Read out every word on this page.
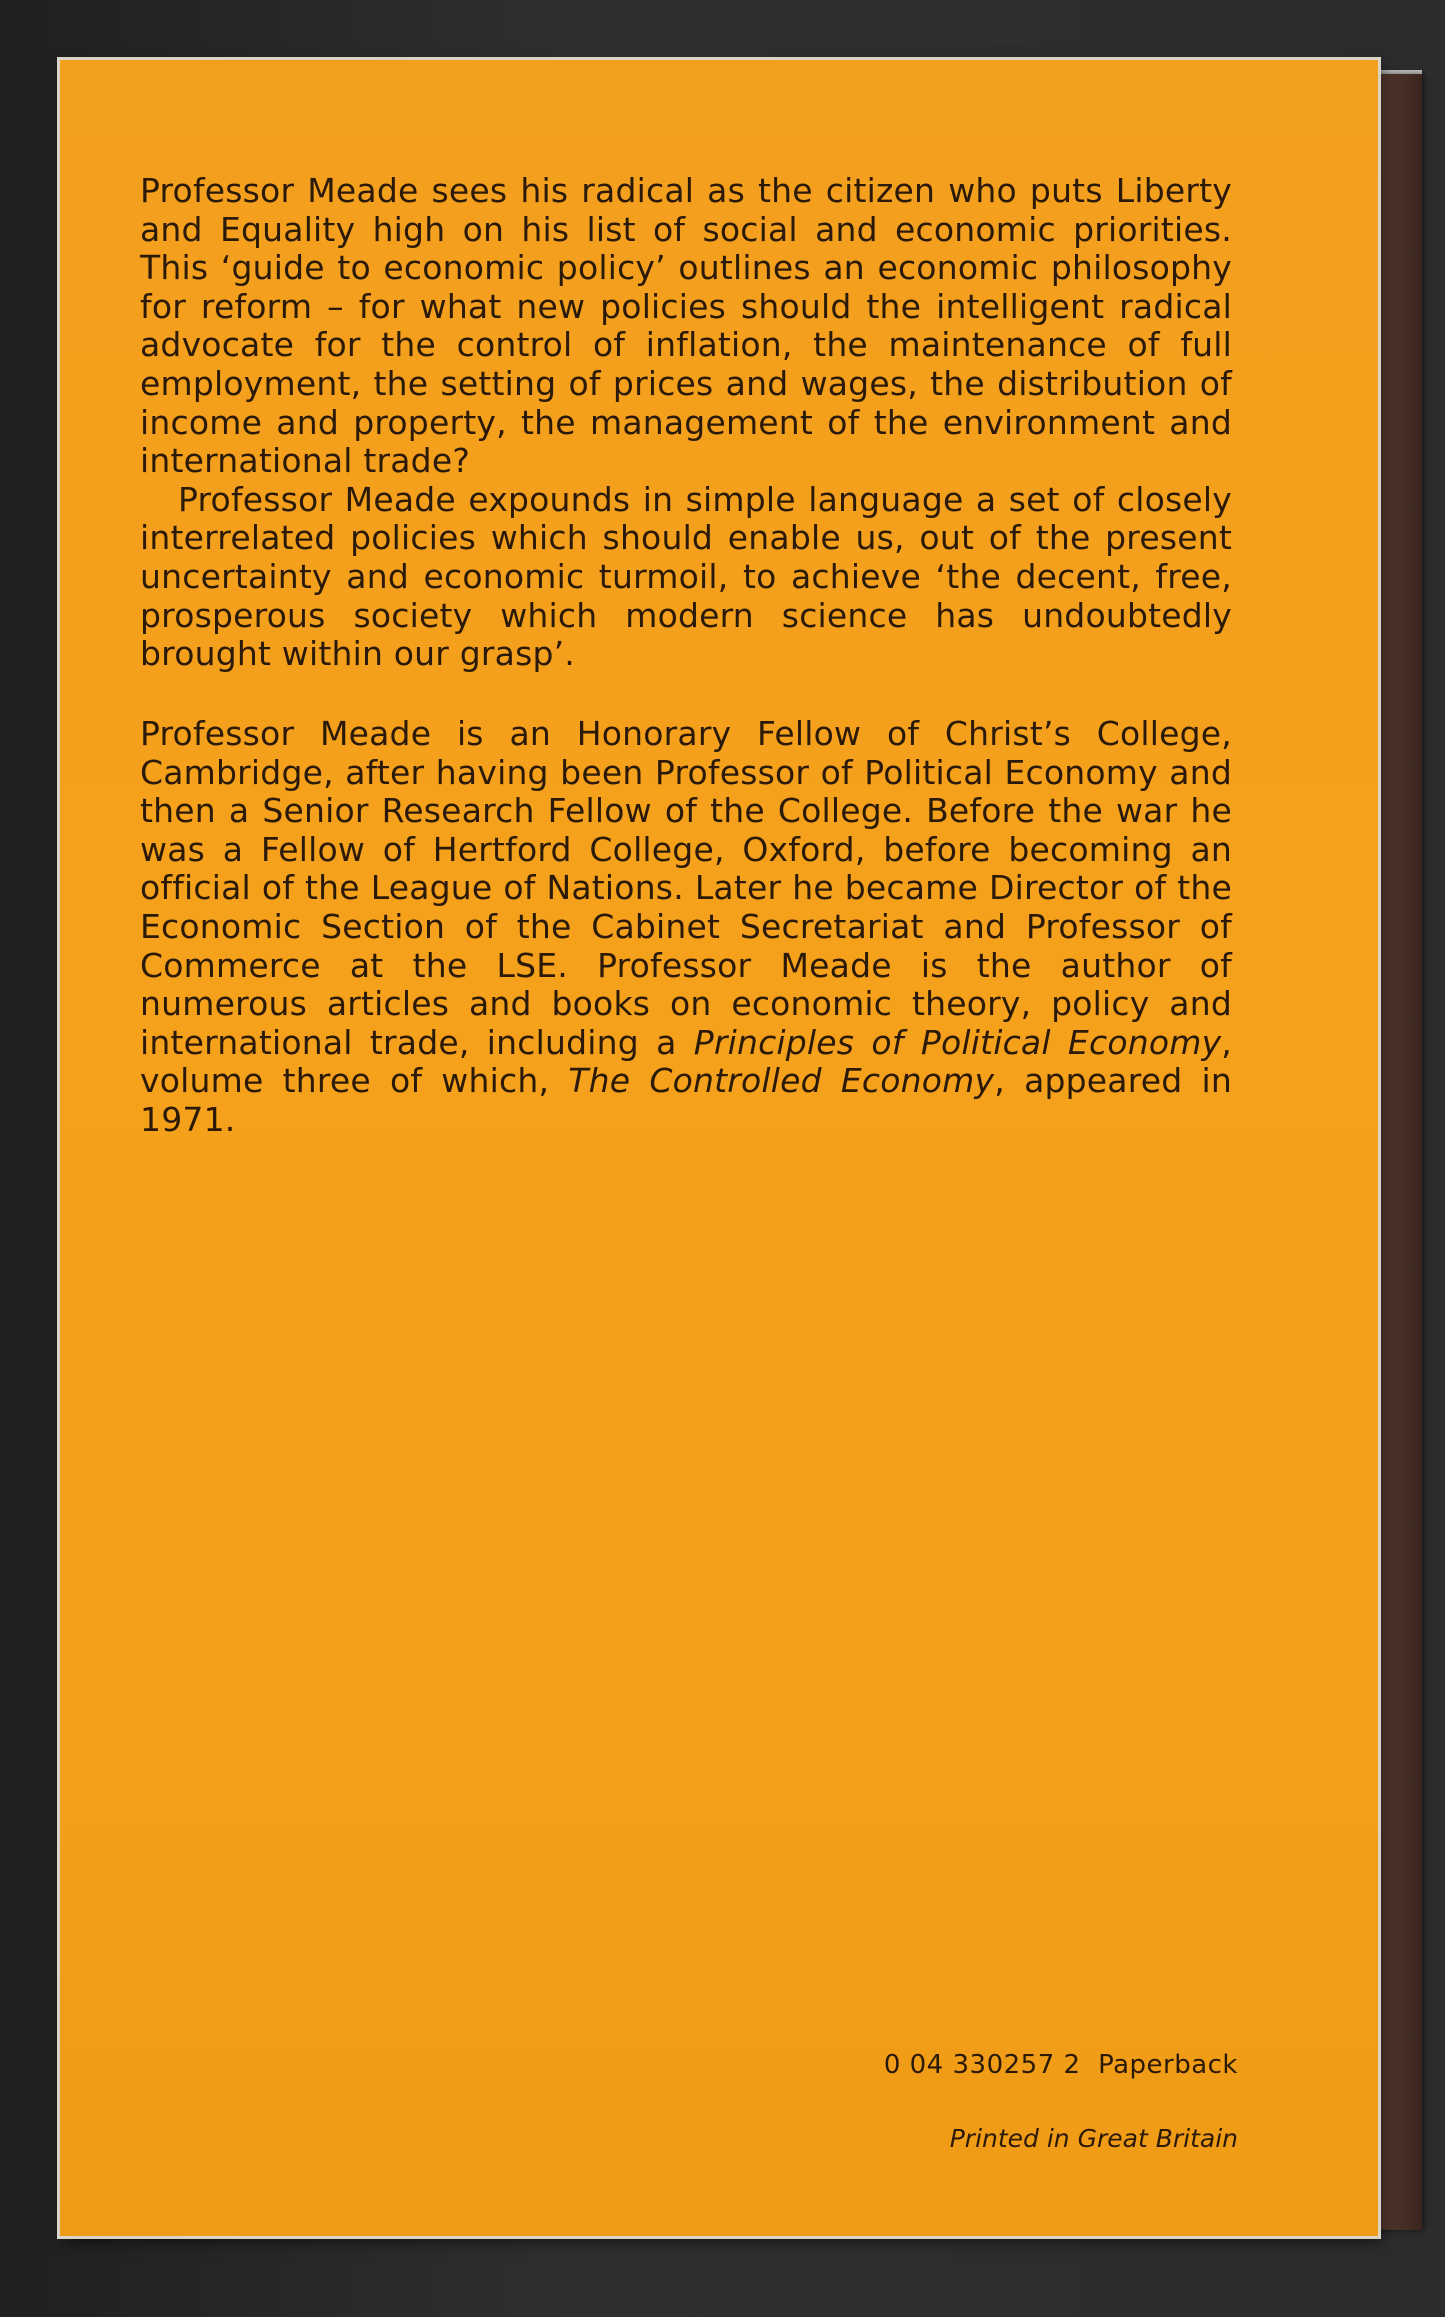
Professor Meade sees his radical as the citizen who puts Liberty and Equality high on his list of social and economic priorities. This ‘guide to economic policy’ outlines an economic philosophy for reform – for what new policies should the intelligent radical advocate for the control of inflation, the maintenance of full employment, the setting of prices and wages, the distribution of income and property, the management of the environment and international trade?

Professor Meade expounds in simple language a set of closely interrelated policies which should enable us, out of the present uncertainty and economic turmoil, to achieve ‘the decent, free, prosperous society which modern science has undoubtedly brought within our grasp’.

Professor Meade is an Honorary Fellow of Christ’s College, Cambridge, after having been Professor of Political Economy and then a Senior Research Fellow of the College. Before the war he was a Fellow of Hertford College, Oxford, before becoming an official of the League of Nations. Later he became Director of the Economic Section of the Cabinet Secretariat and Professor of Commerce at the LSE. Professor Meade is the author of numerous articles and books on economic theory, policy and international trade, including a Principles of Political Economy, volume three of which, The Controlled Economy, appeared in 1971.

0 04 330257 2  Paperback
Printed in Great Britain
